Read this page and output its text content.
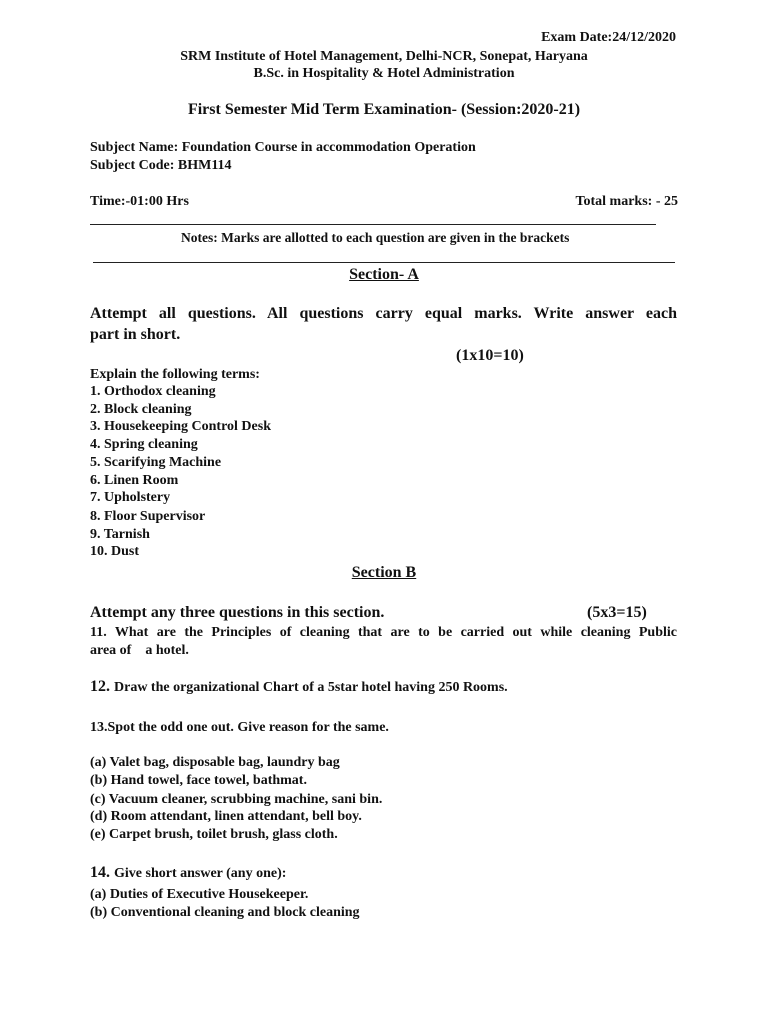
Exam Date:24/12/2020
SRM Institute of Hotel Management, Delhi-NCR, Sonepat, Haryana
B.Sc. in Hospitality & Hotel Administration
First Semester Mid Term Examination- (Session:2020-21)
Subject Name: Foundation Course in accommodation Operation
Subject Code: BHM114
Time:-01:00 Hrs	Total marks: - 25
Notes: Marks are allotted to each question are given in the brackets
Section- A
Attempt all questions. All questions carry equal marks. Write answer each
part in short.
(1x10=10)
Explain the following terms:
1. Orthodox cleaning
2. Block cleaning
3. Housekeeping Control Desk
4. Spring cleaning
5. Scarifying Machine
6. Linen Room
7. Upholstery
8. Floor Supervisor
9. Tarnish
10. Dust
Section B
Attempt any three questions in this section.	(5x3=15)
11. What are the Principles of cleaning that are to be carried out while cleaning Public
area of    a hotel.
12. Draw the organizational Chart of a 5star hotel having 250 Rooms.
13.Spot the odd one out. Give reason for the same.
(a) Valet bag, disposable bag, laundry bag
(b) Hand towel, face towel, bathmat.
(c) Vacuum cleaner, scrubbing machine, sani bin.
(d) Room attendant, linen attendant, bell boy.
(e) Carpet brush, toilet brush, glass cloth.
14. Give short answer (any one):
(a) Duties of Executive Housekeeper.
(b) Conventional cleaning and block cleaning
